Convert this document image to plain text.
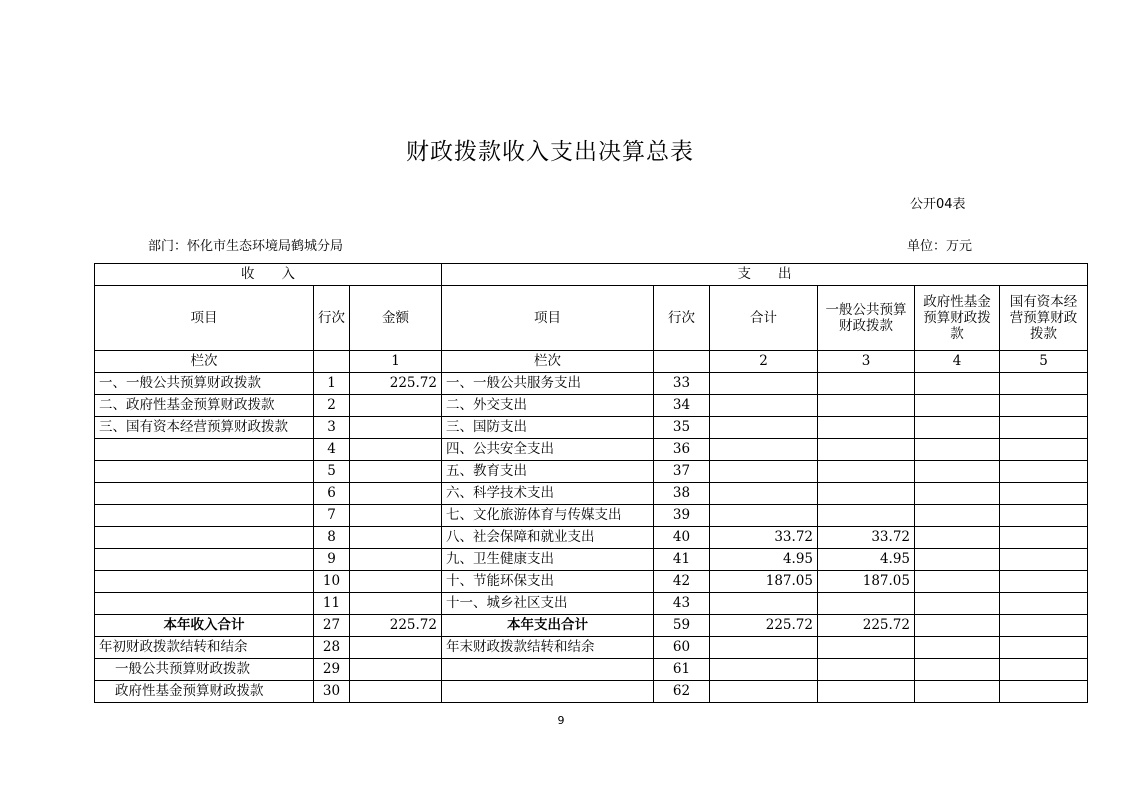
财政拨款收入支出决算总表
公开04表
部门：怀化市生态环境局鹤城分局	单位：万元
收　　入			支　　出					
项目	行次	金额	项目	行次	合计	一般公共预算财政拨款	政府性基金预算财政拨款	国有资本经营预算财政拨款
栏次		1	栏次		2	3	4	5
一、一般公共预算财政拨款	1	225.72	一、一般公共服务支出	33				
二、政府性基金预算财政拨款	2		二、外交支出	34				
三、国有资本经营预算财政拨款	3		三、国防支出	35				
	4		四、公共安全支出	36				
	5		五、教育支出	37				
	6		六、科学技术支出	38				
	7		七、文化旅游体育与传媒支出	39				
	8		八、社会保障和就业支出	40	33.72	33.72		
	9		九、卫生健康支出	41	4.95	4.95		
	10		十、节能环保支出	42	187.05	187.05		
	11		十一、城乡社区支出	43				
本年收入合计	27	225.72	本年支出合计	59	225.72	225.72		
年初财政拨款结转和结余	28		年末财政拨款结转和结余	60				
一般公共预算财政拨款	29			61				
政府性基金预算财政拨款	30			62				
9
